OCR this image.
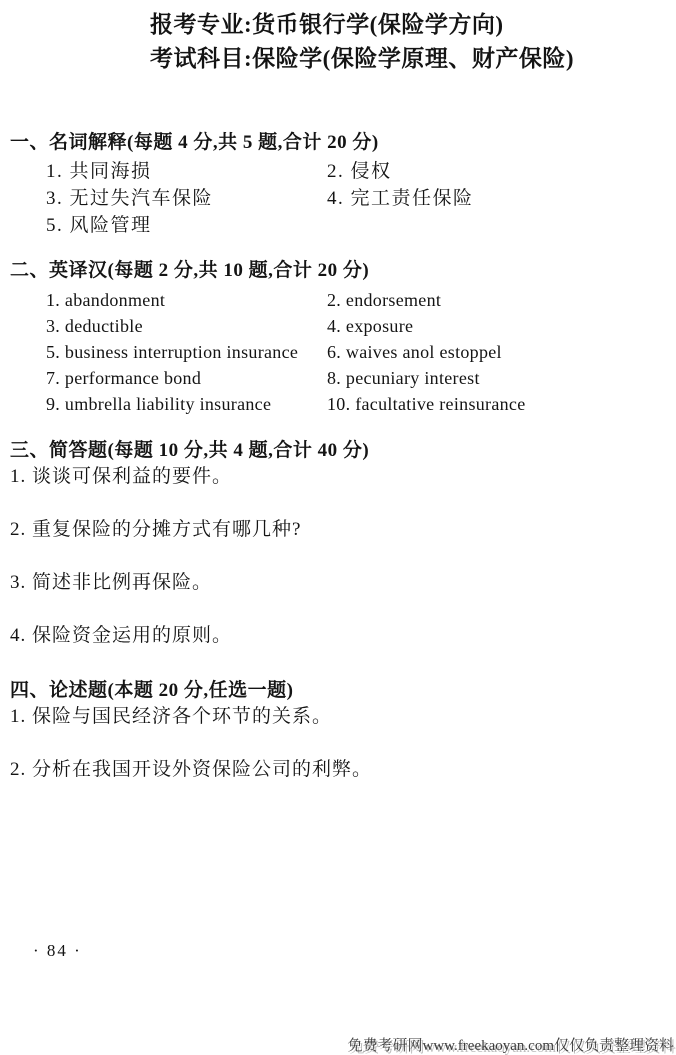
报考专业:货币银行学(保险学方向)
考试科目:保险学(保险学原理、财产保险)
一、名词解释(每题 4 分,共 5 题,合计 20 分)
1. 共同海损	2. 侵权
3. 无过失汽车保险	4. 完工责任保险
5. 风险管理
二、英译汉(每题 2 分,共 10 题,合计 20 分)
1. abandonment	2. endorsement
3. deductible	4. exposure
5. business interruption insurance	6. waives anol estoppel
7. performance bond	8. pecuniary interest
9. umbrella liability insurance	10. facultative reinsurance
三、简答题(每题 10 分,共 4 题,合计 40 分)

1. 谈谈可保利益的要件。

2. 重复保险的分摊方式有哪几种?

3. 简述非比例再保险。

4. 保险资金运用的原则。

四、论述题(本题 20 分,任选一题)

1. 保险与国民经济各个环节的关系。

2. 分析在我国开设外资保险公司的利弊。

· 84 ·
免费考研网www.freekaoyan.com仅仅负责整理资料
